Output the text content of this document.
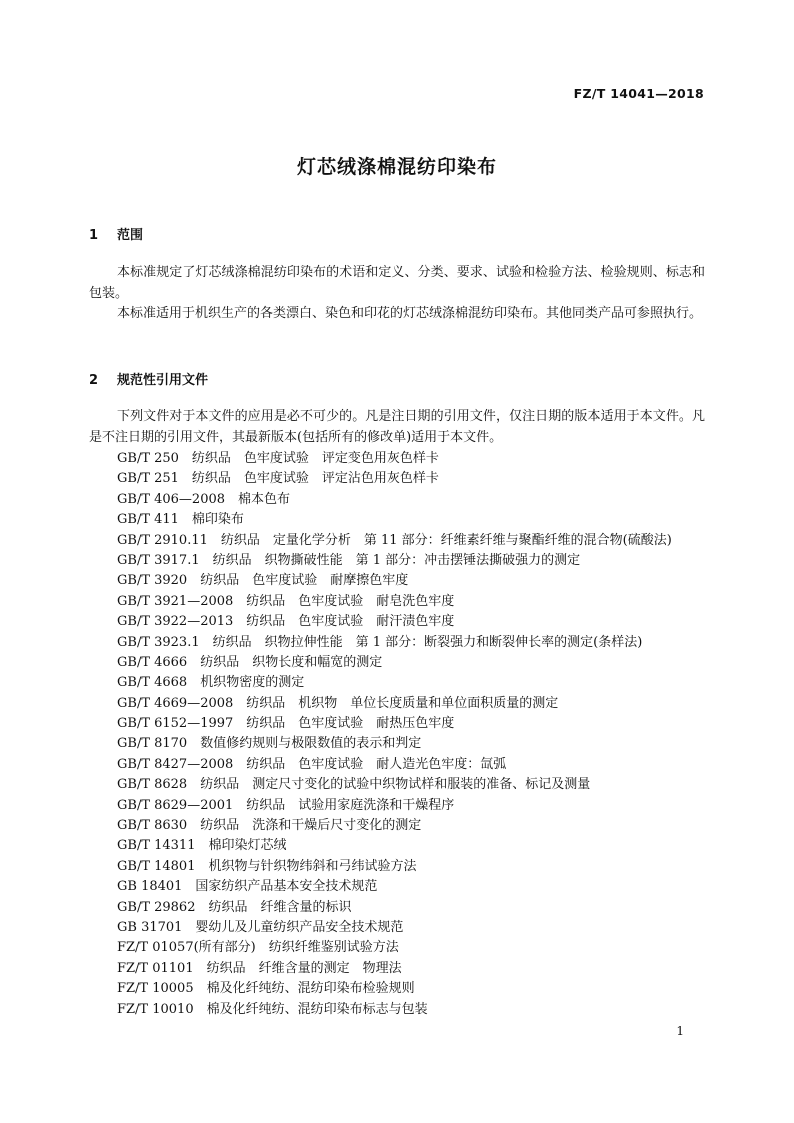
FZ/T 14041—2018
灯芯绒涤棉混纺印染布
1 范围

本标准规定了灯芯绒涤棉混纺印染布的术语和定义、分类、要求、试验和检验方法、检验规则、标志和包装。

本标准适用于机织生产的各类漂白、染色和印花的灯芯绒涤棉混纺印染布。其他同类产品可参照执行。

2 规范性引用文件

下列文件对于本文件的应用是必不可少的。凡是注日期的引用文件，仅注日期的版本适用于本文件。凡是不注日期的引用文件，其最新版本(包括所有的修改单)适用于本文件。

GB/T 250　纺织品　色牢度试验　评定变色用灰色样卡
GB/T 251　纺织品　色牢度试验　评定沾色用灰色样卡
GB/T 406—2008　棉本色布
GB/T 411　棉印染布
GB/T 2910.11　纺织品　定量化学分析　第 11 部分：纤维素纤维与聚酯纤维的混合物(硫酸法)
GB/T 3917.1　纺织品　织物撕破性能　第 1 部分：冲击摆锤法撕破强力的测定
GB/T 3920　纺织品　色牢度试验　耐摩擦色牢度
GB/T 3921—2008　纺织品　色牢度试验　耐皂洗色牢度
GB/T 3922—2013　纺织品　色牢度试验　耐汗渍色牢度
GB/T 3923.1　纺织品　织物拉伸性能　第 1 部分：断裂强力和断裂伸长率的测定(条样法)
GB/T 4666　纺织品　织物长度和幅宽的测定
GB/T 4668　机织物密度的测定
GB/T 4669—2008　纺织品　机织物　单位长度质量和单位面积质量的测定
GB/T 6152—1997　纺织品　色牢度试验　耐热压色牢度
GB/T 8170　数值修约规则与极限数值的表示和判定
GB/T 8427—2008　纺织品　色牢度试验　耐人造光色牢度：氙弧
GB/T 8628　纺织品　测定尺寸变化的试验中织物试样和服装的准备、标记及测量
GB/T 8629—2001　纺织品　试验用家庭洗涤和干燥程序
GB/T 8630　纺织品　洗涤和干燥后尺寸变化的测定
GB/T 14311　棉印染灯芯绒
GB/T 14801　机织物与针织物纬斜和弓纬试验方法
GB 18401　国家纺织产品基本安全技术规范
GB/T 29862　纺织品　纤维含量的标识
GB 31701　婴幼儿及儿童纺织产品安全技术规范
FZ/T 01057(所有部分)　纺织纤维鉴别试验方法
FZ/T 01101　纺织品　纤维含量的测定　物理法
FZ/T 10005　棉及化纤纯纺、混纺印染布检验规则
FZ/T 10010　棉及化纤纯纺、混纺印染布标志与包装
1
